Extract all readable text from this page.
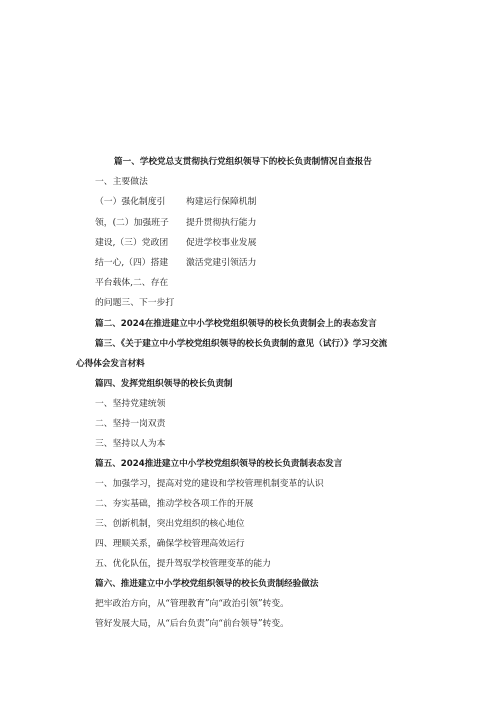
篇一、学校党总支贯彻执行党组织领导下的校长负责制情况自查报告
一、主要做法
（一）强化制度引
领，(二）加强班子
建设,（三）党政团
结一心,（四）搭建
平台载体,二、存在
的问题三、下一步打
构建运行保障机制
提升贯彻执行能力
促进学校事业发展
激活党建引领活力
篇二、2024在推进建立中小学校党组织领导的校长负责制会上的表态发言
篇三、《关于建立中小学校党组织领导的校长负责制的意见（试行）》学习交流
心得体会发言材料
篇四、发挥党组织领导的校长负责制
一、坚持党建统领
二、坚持一岗双责
三、坚持以人为本
篇五、2024推进建立中小学校党组织领导的校长负责制表态发言
一、加强学习，提高对党的建设和学校管理机制变革的认识
二、夯实基础，推动学校各项工作的开展
三、创新机制，突出党组织的核心地位
四、理顺关系，确保学校管理高效运行
五、优化队伍，提升驾驭学校管理变革的能力
篇六、推进建立中小学校党组织领导的校长负责制经验做法
把牢政治方向，从“管理教育”向“政治引领”转变。
管好发展大局，从“后台负责”向“前台领导”转变。
